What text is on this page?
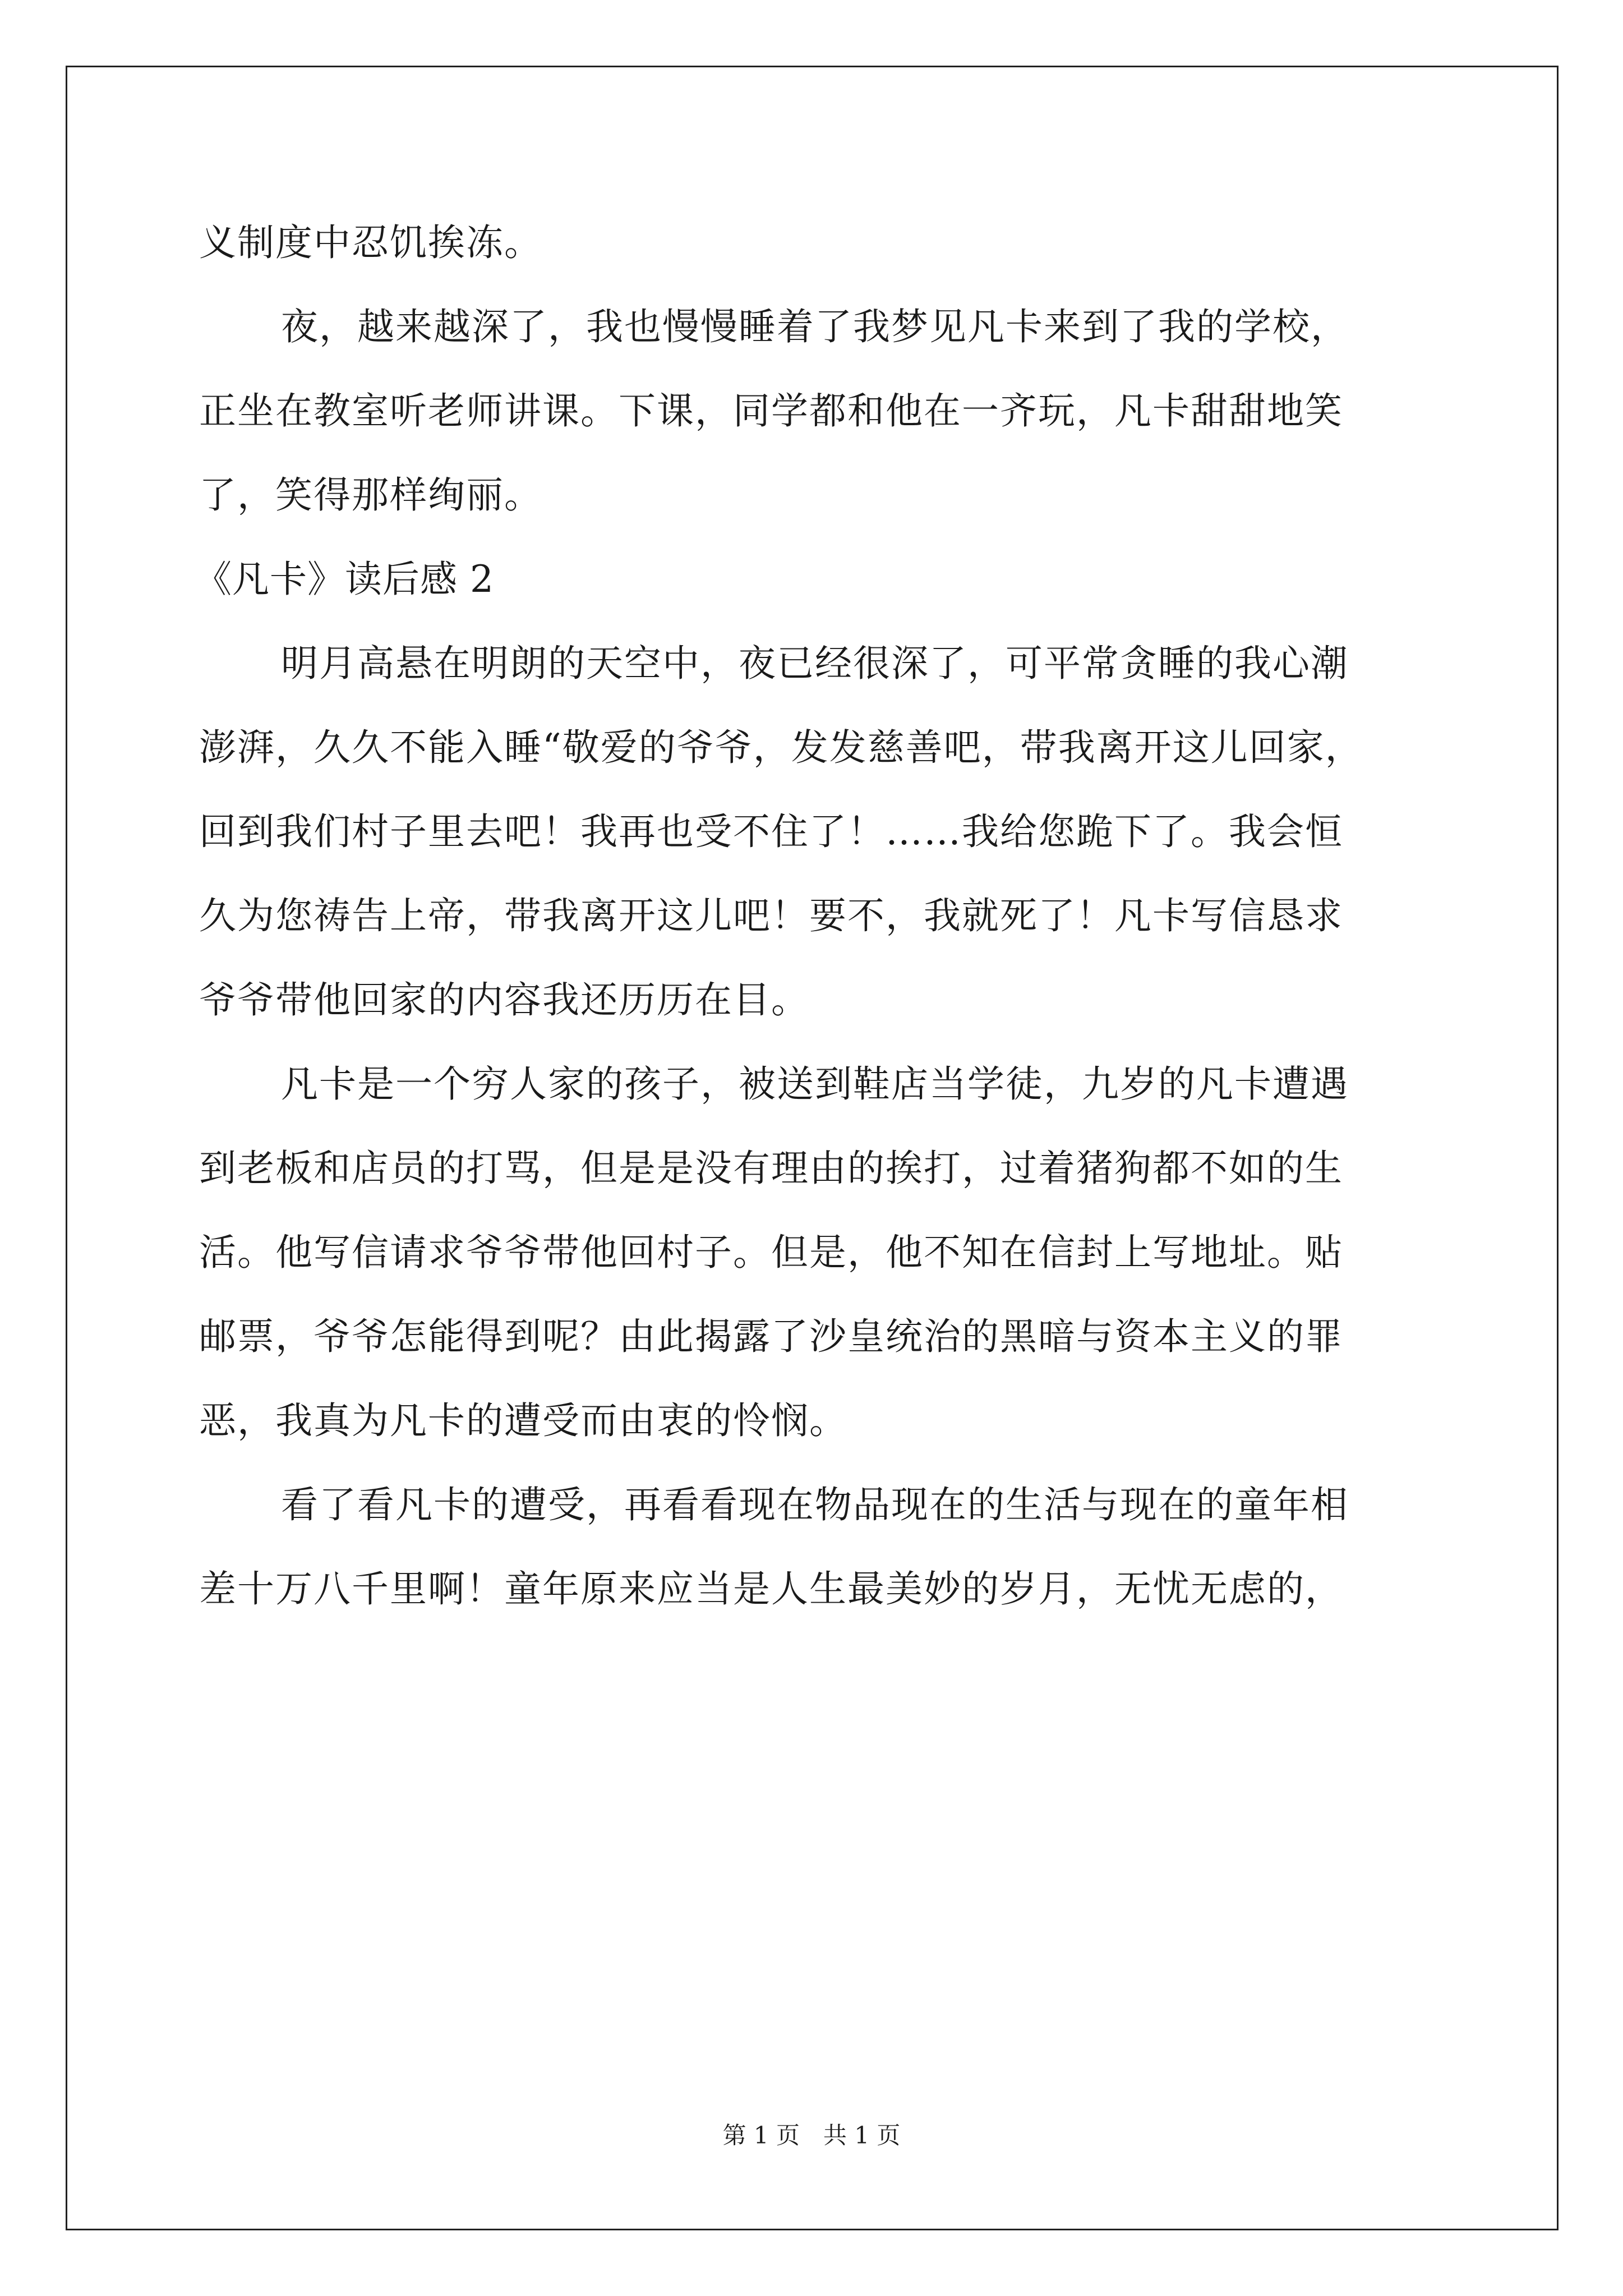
义制度中忍饥挨冻。
夜，越来越深了，我也慢慢睡着了我梦见凡卡来到了我的学校，
正坐在教室听老师讲课。下课，同学都和他在一齐玩，凡卡甜甜地笑
了，笑得那样绚丽。
《凡卡》读后感 2
明月高悬在明朗的天空中，夜已经很深了，可平常贪睡的我心潮
澎湃，久久不能入睡“敬爱的爷爷，发发慈善吧，带我离开这儿回家，
回到我们村子里去吧！我再也受不住了！……我给您跪下了。我会恒
久为您祷告上帝，带我离开这儿吧！要不，我就死了！凡卡写信恳求
爷爷带他回家的内容我还历历在目。
凡卡是一个穷人家的孩子，被送到鞋店当学徒，九岁的凡卡遭遇
到老板和店员的打骂，但是是没有理由的挨打，过着猪狗都不如的生
活。他写信请求爷爷带他回村子。但是，他不知在信封上写地址。贴
邮票，爷爷怎能得到呢？由此揭露了沙皇统治的黑暗与资本主义的罪
恶，我真为凡卡的遭受而由衷的怜悯。
看了看凡卡的遭受，再看看现在物品现在的生活与现在的童年相
差十万八千里啊！童年原来应当是人生最美妙的岁月，无忧无虑的，
第 1 页　共 1 页
